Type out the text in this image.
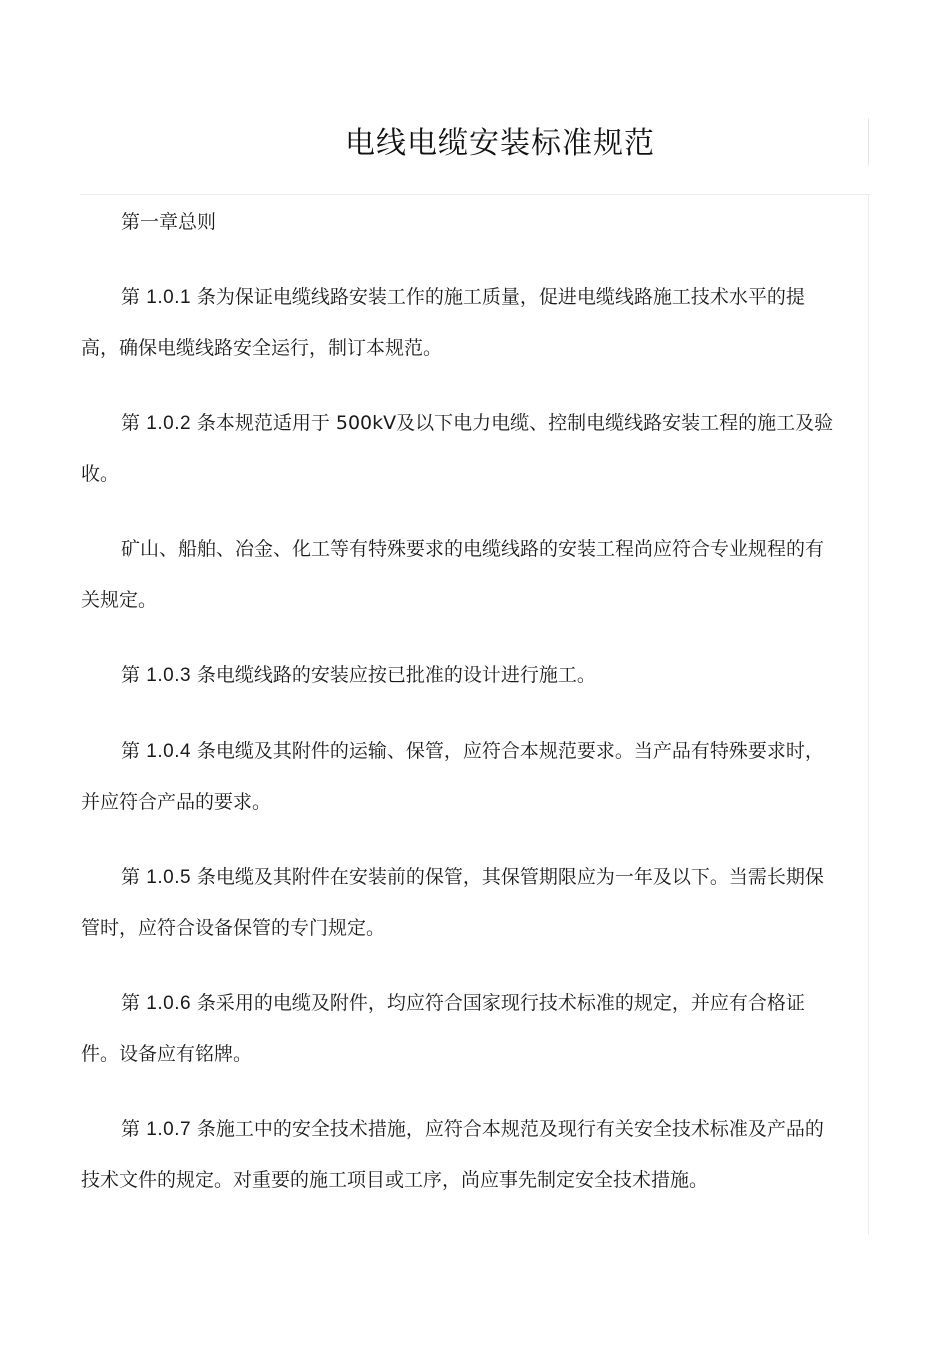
电线电缆安装标准规范

第一章总则

第 1.0.1 条为保证电缆线路安装工作的施工质量，促进电缆线路施工技术水平的提高，确保电缆线路安全运行，制订本规范。

第 1.0.2 条本规范适用于 500kV及以下电力电缆、控制电缆线路安装工程的施工及验收。

矿山、船舶、冶金、化工等有特殊要求的电缆线路的安装工程尚应符合专业规程的有关规定。

第 1.0.3 条电缆线路的安装应按已批准的设计进行施工。

第 1.0.4 条电缆及其附件的运输、保管，应符合本规范要求。当产品有特殊要求时，并应符合产品的要求。

第 1.0.5 条电缆及其附件在安装前的保管，其保管期限应为一年及以下。当需长期保管时，应符合设备保管的专门规定。

第 1.0.6 条采用的电缆及附件，均应符合国家现行技术标准的规定，并应有合格证件。设备应有铭牌。

第 1.0.7 条施工中的安全技术措施，应符合本规范及现行有关安全技术标准及产品的技术文件的规定。对重要的施工项目或工序，尚应事先制定安全技术措施。
